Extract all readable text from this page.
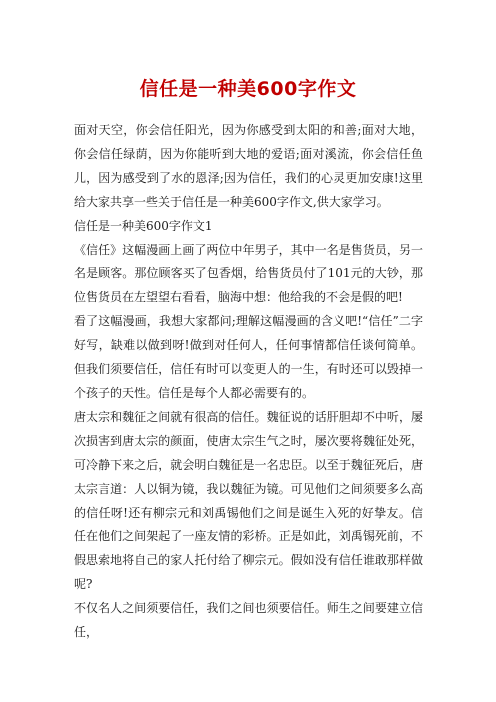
信任是一种美600字作文

面对天空，你会信任阳光，因为你感受到太阳的和善;面对大地，你会信任绿荫，因为你能听到大地的爱语;面对溪流，你会信任鱼儿，因为感受到了水的恩泽;因为信任，我们的心灵更加安康!这里给大家共享一些关于信任是一种美600字作文,供大家学习。

信任是一种美600字作文1

《信任》这幅漫画上画了两位中年男子，其中一名是售货员，另一名是顾客。那位顾客买了包香烟，给售货员付了101元的大钞，那位售货员在左望望右看看，脑海中想：他给我的不会是假的吧!

看了这幅漫画，我想大家都问;理解这幅漫画的含义吧!“信任”二字好写，缺难以做到呀!做到对任何人，任何事情都信任谈何简单。但我们须要信任，信任有时可以变更人的一生，有时还可以毁掉一个孩子的天性。信任是每个人都必需要有的。

唐太宗和魏征之间就有很高的信任。魏征说的话肝胆却不中听，屡次损害到唐太宗的颜面，使唐太宗生气之时，屡次要将魏征处死，可冷静下来之后，就会明白魏征是一名忠臣。以至于魏征死后，唐太宗言道：人以铜为镜，我以魏征为镜。可见他们之间须要多么高的信任呀!还有柳宗元和刘禹锡他们之间是诞生入死的好挚友。信任在他们之间架起了一座友情的彩桥。正是如此，刘禹锡死前，不假思索地将自己的家人托付给了柳宗元。假如没有信任谁敢那样做呢?

不仅名人之间须要信任，我们之间也须要信任。师生之间要建立信任，
